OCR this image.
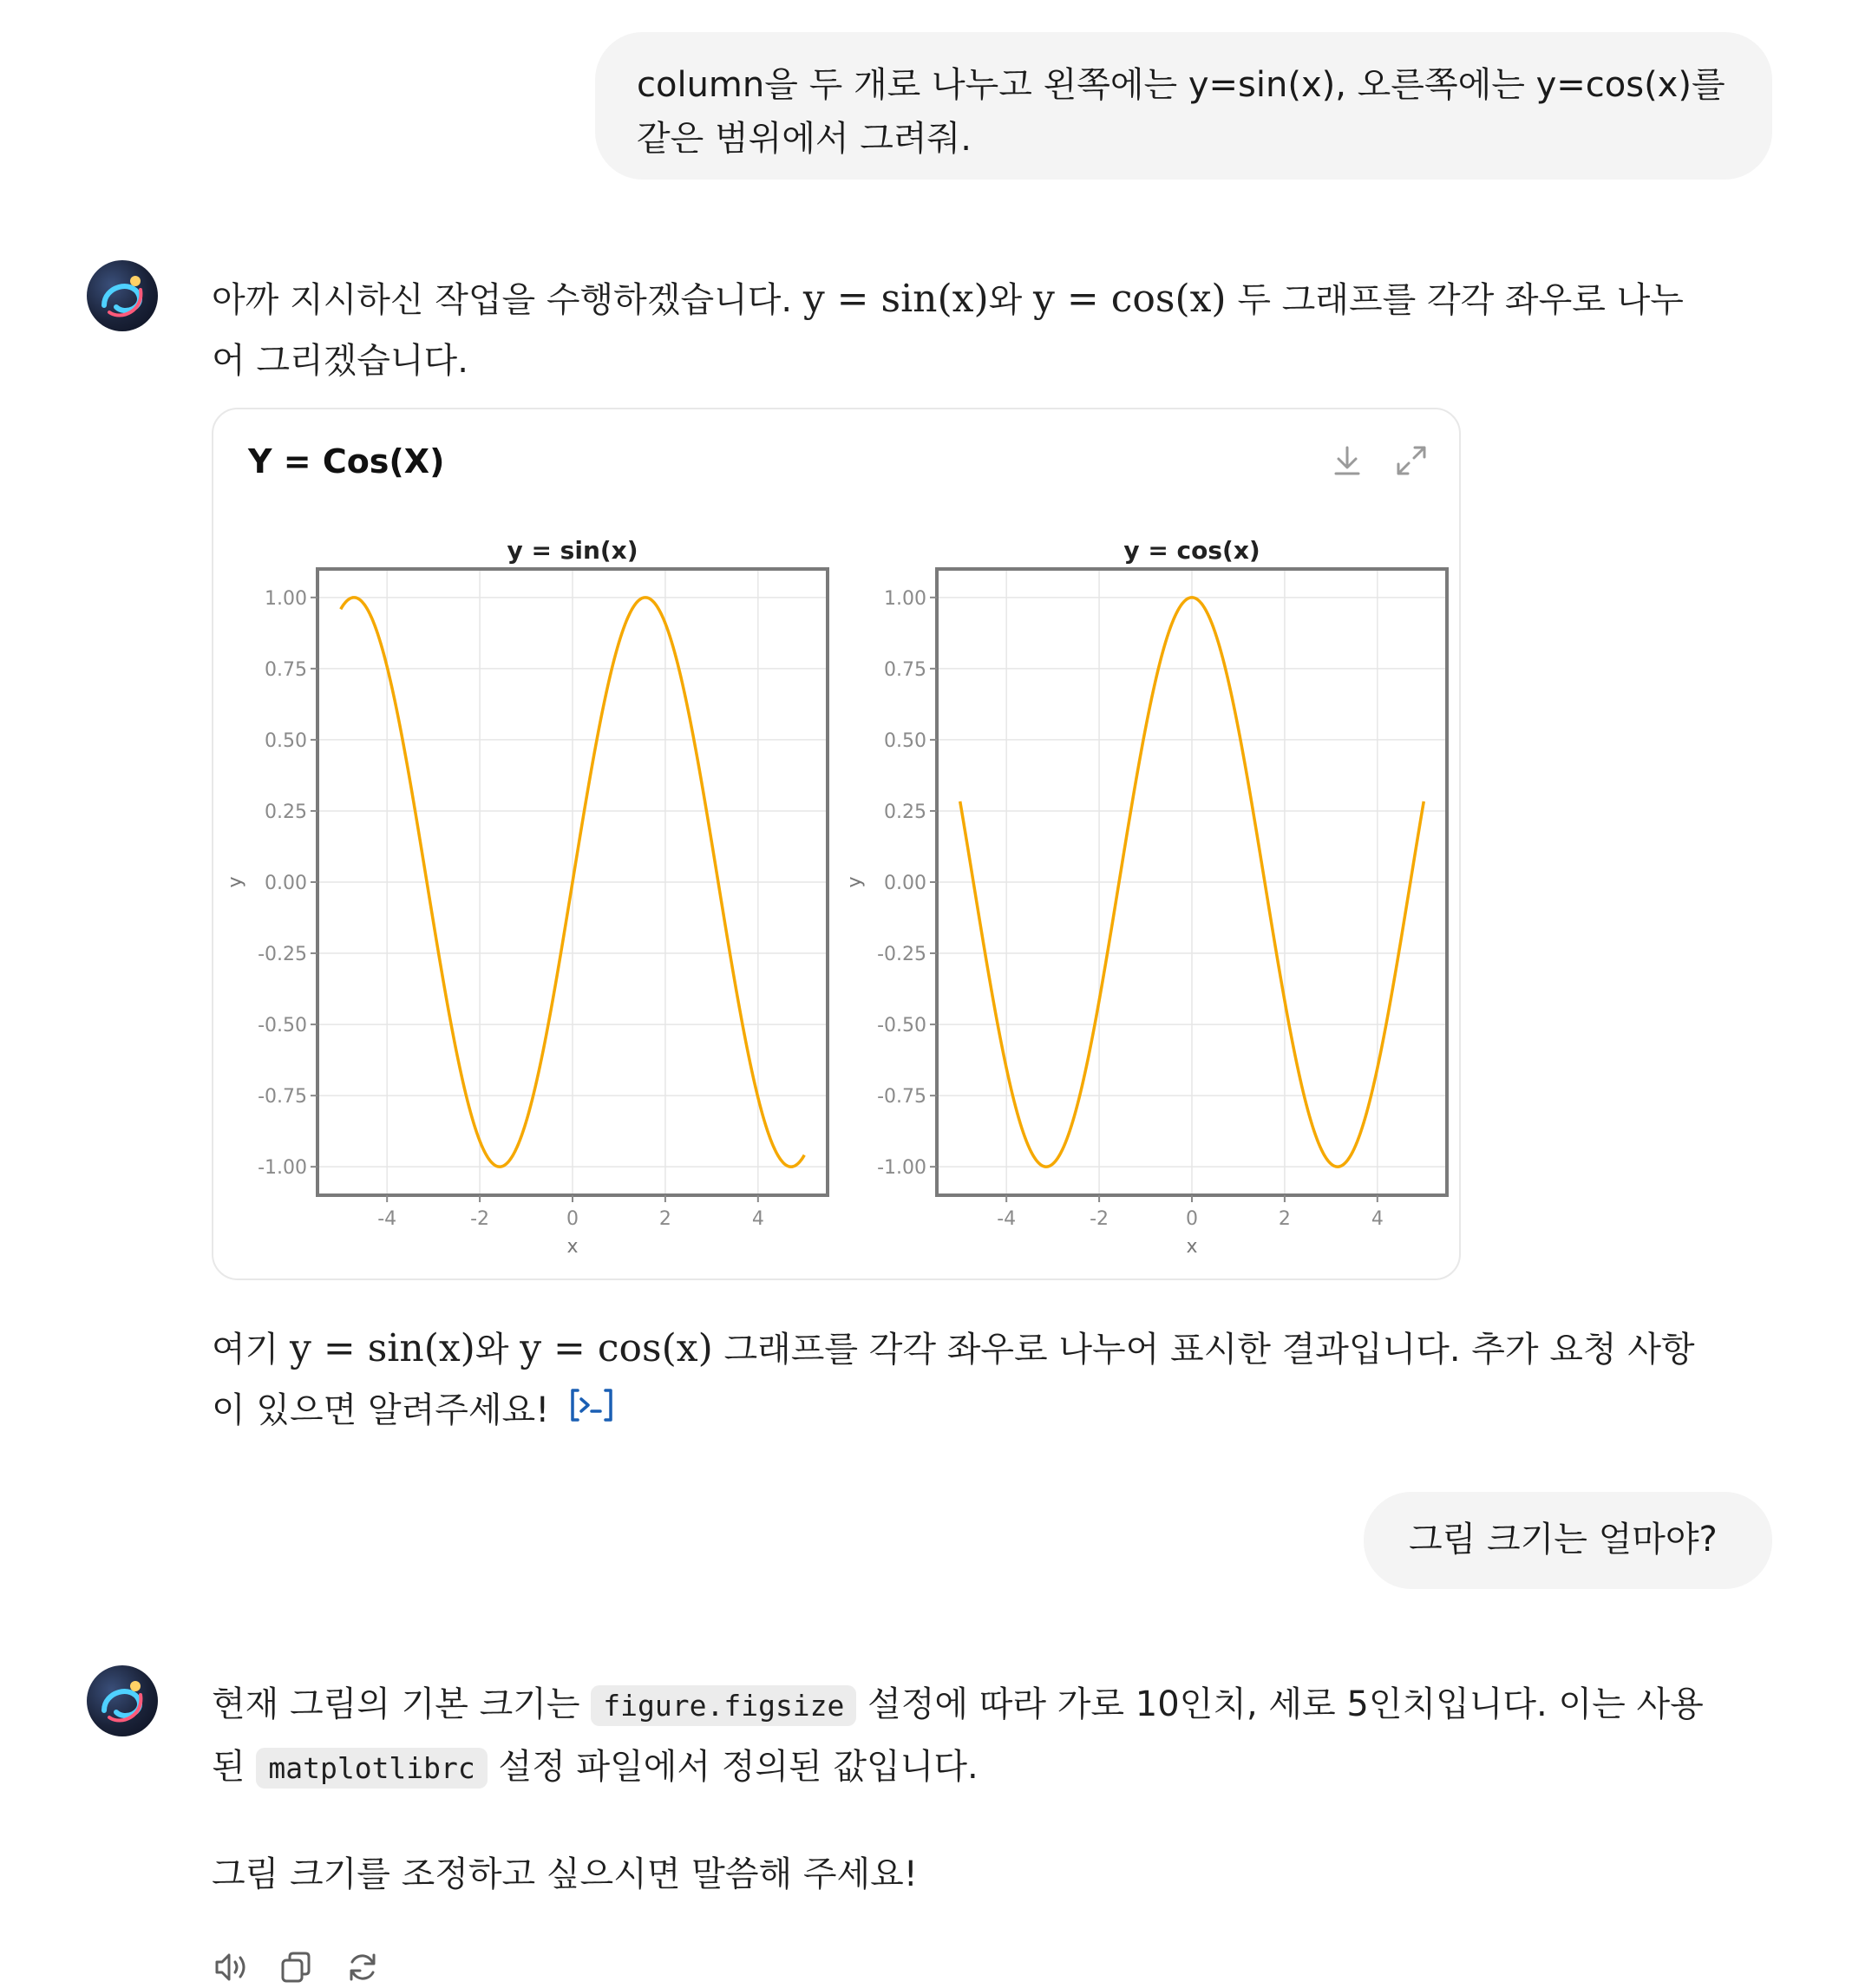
column을 두 개로 나누고 왼쪽에는 y=sin(x), 오른쪽에는 y=cos(x)를
같은 범위에서 그려줘.
아까 지시하신 작업을 수행하겠습니다. y = sin(x)와 y = cos(x) 두 그래프를 각각 좌우로 나누
어 그리겠습니다.
Y = Cos(X)
-4	-2	0	2	4
1.00
0.75
0.50
0.25
0.00
-0.25
-0.50
-0.75
-1.00
y = sin(x)
x
y
-4	-2	0	2	4
1.00
0.75
0.50
0.25
0.00
-0.25
-0.50
-0.75
-1.00
y = cos(x)
x
y
여기 y = sin(x)와 y = cos(x) 그래프를 각각 좌우로 나누어 표시한 결과입니다. 추가 요청 사항
이 있으면 알려주세요!
그림 크기는 얼마야?
현재 그림의 기본 크기는 figure.figsize 설정에 따라 가로 10인치, 세로 5인치입니다. 이는 사용
된 matplotlibrc 설정 파일에서 정의된 값입니다.
그림 크기를 조정하고 싶으시면 말씀해 주세요!
